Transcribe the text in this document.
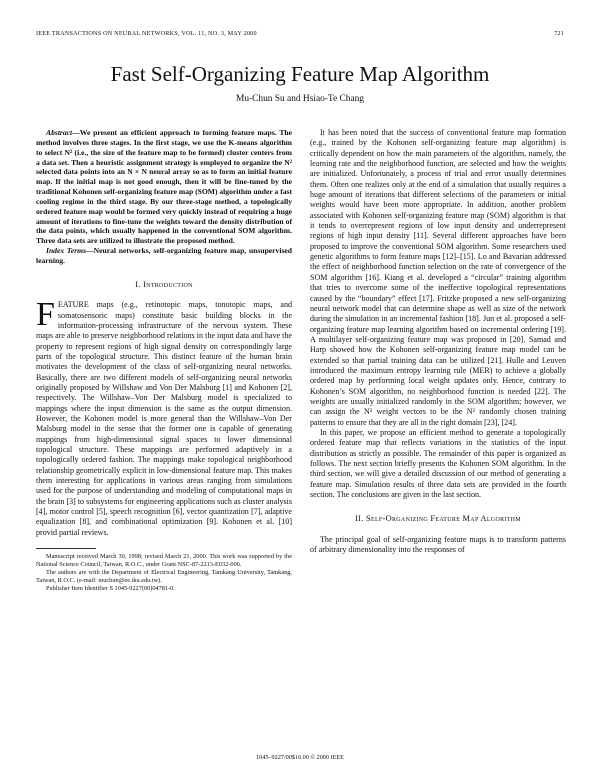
IEEE TRANSACTIONS ON NEURAL NETWORKS, VOL. 11, NO. 3, MAY 2000	721
Fast Self-Organizing Feature Map Algorithm
Mu-Chun Su and Hsiao-Te Chang

Abstract—We present an efficient approach to forming feature maps. The method involves three stages. In the first stage, we use the K-means algorithm to select N² (i.e., the size of the feature map to be formed) cluster centers from a data set. Then a heuristic assignment strategy is employed to organize the N² selected data points into an N × N neural array so as to form an initial feature map. If the initial map is not good enough, then it will be fine-tuned by the traditional Kohonen self-organizing feature map (SOM) algorithm under a fast cooling regime in the third stage. By our three-stage method, a topologically ordered feature map would be formed very quickly instead of requiring a huge amount of iterations to fine-tune the weights toward the density distribution of the data points, which usually happened in the conventional SOM algorithm. Three data sets are utilized to illustrate the proposed method.

Index Terms—Neural networks, self-organizing feature map, unsupervised learning.

I. Introduction

FEATURE maps (e.g., retinotopic maps, tonotopic maps, and somatosensoric maps) constitute basic building blocks in the information-processing infrastructure of the nervous system. These maps are able to preserve neighborhood relations in the input data and have the property to represent regions of high signal density on correspondingly large parts of the topological structure. This distinct feature of the human brain motivates the development of the class of self-organizing neural networks. Basically, there are two different models of self-organizing neural networks originally proposed by Willshaw and Von Der Malsburg [1] and Kohonen [2], respectively. The Willshaw–Von Der Malsburg model is specialized to mappings where the input dimension is the same as the output dimension. However, the Kohonen model is more general than the Willshaw–Von Der Malsburg model in the sense that the former one is capable of generating mappings from high-dimensional signal spaces to lower dimensional topological structure. These mappings are performed adaptively in a topologically ordered fashion. The mappings make topological neighborhood relationship geometrically explicit in low-dimensional feature map. This makes them interesting for applications in various areas ranging from simulations used for the purpose of understanding and modeling of computational maps in the brain [3] to subsystems for engineering applications such as cluster analysis [4], motor control [5], speech recognition [6], vector quantization [7], adaptive equalization [8], and combinational optimization [9]. Kohonen et al. [10] provid partial reviews.

Manuscript received March 30, 1998; revised March 21, 2000. This work was supported by the National Science Council, Taiwan, R.O.C., under Grant NSC-87-2213-E032-006.

The authors are with the Department of Electrical Engineering, Tamkang University, Tamkang, Taiwan, R.O.C. (e-mail: muchun@ee.tku.edu.tw).

Publisher Item Identifier S 1045-9227(00)04781-0.

It has been noted that the success of conventional feature map formation (e.g., trained by the Kohonen self-organizing feature map algorithm) is critically dependent on how the main parameters of the algorithm, namely, the learning rate and the neighborhood function, are selected and how the weights are initialized. Unfortunately, a process of trial and error usually determines them. Often one realizes only at the end of a simulation that usually requires a huge amount of iterations that different selections of the parameters or initial weights would have been more appropriate. In addition, another problem associated with Kohonen self-organizing feature map (SOM) algorithm is that it tends to overrepresent regions of low input density and underrepresent regions of high input density [11]. Several different approaches have been proposed to improve the conventional SOM algorithm. Some researchers used genetic algorithms to form feature maps [12]–[15]. Lo and Bavarian addressed the effect of neighborhood function selection on the rate of convergence of the SOM algorithm [16]. Kiang et al. developed a “circular” training algorithm that tries to overcome some of the ineffective topological representations caused by the “boundary” effect [17]. Fritzke proposed a new self-organizing neural network model that can determine shape as well as size of the network during the simulation in an incremental fashion [18]. Jun et al. proposed a self-organizing feature map learning algorithm based on incremental ordering [19]. A multilayer self-organizing feature map was proposed in [20]. Samad and Harp showed how the Kohonen self-organizing feature map model can be extended so that partial training data can be utilized [21]. Hulle and Leuven introduced the maximum entropy learning rule (MER) to achieve a globally ordered map by performing local weight updates only. Hence, contrary to Kohonen’s SOM algorithm, no neighborhood function is needed [22]. The weights are usually initialized randomly in the SOM algorithm; however, we can assign the N² weight vectors to be the N² randomly chosen training patterns to ensure that they are all in the right domain [23], [24].

In this paper, we propose an efficient method to generate a topologically ordered feature map that reflects variations in the statistics of the input distribution as strictly as possible. The remainder of this paper is organized as follows. The next section briefly presents the Kohonen SOM algorithm. In the third section, we will give a detailed discussion of our method of generating a feature map. Simulation results of three data sets are provided in the fourth section. The conclusions are given in the last section.

II. Self-Organizing Feature Map Algorithm

The principal goal of self-organizing feature maps is to transform patterns of arbitrary dimensionality into the responses of

1045–9227/00$10.00 © 2000 IEEE
